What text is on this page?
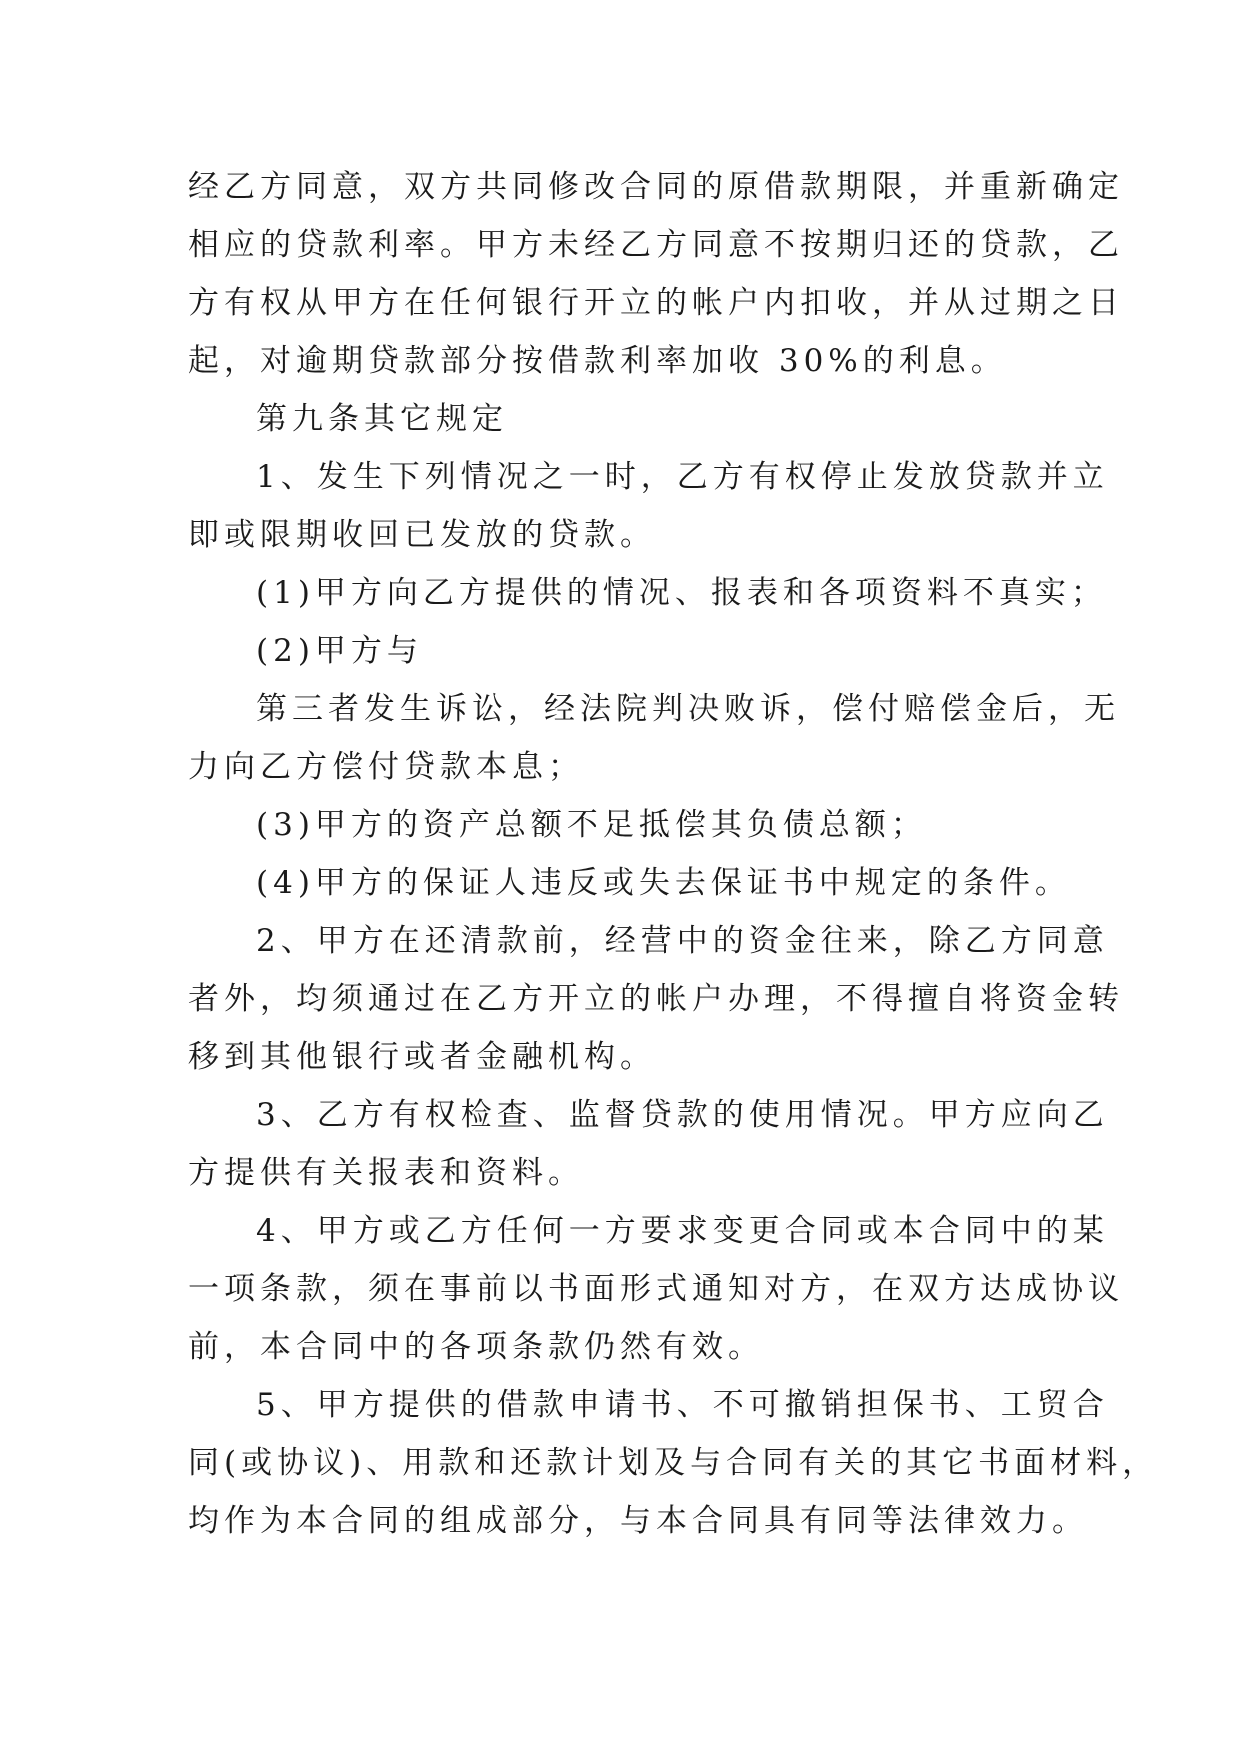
经乙方同意，双方共同修改合同的原借款期限，并重新确定
相应的贷款利率。甲方未经乙方同意不按期归还的贷款，乙
方有权从甲方在任何银行开立的帐户内扣收，并从过期之日
起，对逾期贷款部分按借款利率加收 30%的利息。
第九条其它规定
1、发生下列情况之一时，乙方有权停止发放贷款并立
即或限期收回已发放的贷款。
(1)甲方向乙方提供的情况、报表和各项资料不真实；
(2)甲方与
第三者发生诉讼，经法院判决败诉，偿付赔偿金后，无
力向乙方偿付贷款本息；
(3)甲方的资产总额不足抵偿其负债总额；
(4)甲方的保证人违反或失去保证书中规定的条件。
2、甲方在还清款前，经营中的资金往来，除乙方同意
者外，均须通过在乙方开立的帐户办理，不得擅自将资金转
移到其他银行或者金融机构。
3、乙方有权检查、监督贷款的使用情况。甲方应向乙
方提供有关报表和资料。
4、甲方或乙方任何一方要求变更合同或本合同中的某
一项条款，须在事前以书面形式通知对方，在双方达成协议
前，本合同中的各项条款仍然有效。
5、甲方提供的借款申请书、不可撤销担保书、工贸合
同(或协议)、用款和还款计划及与合同有关的其它书面材料，
均作为本合同的组成部分，与本合同具有同等法律效力。
